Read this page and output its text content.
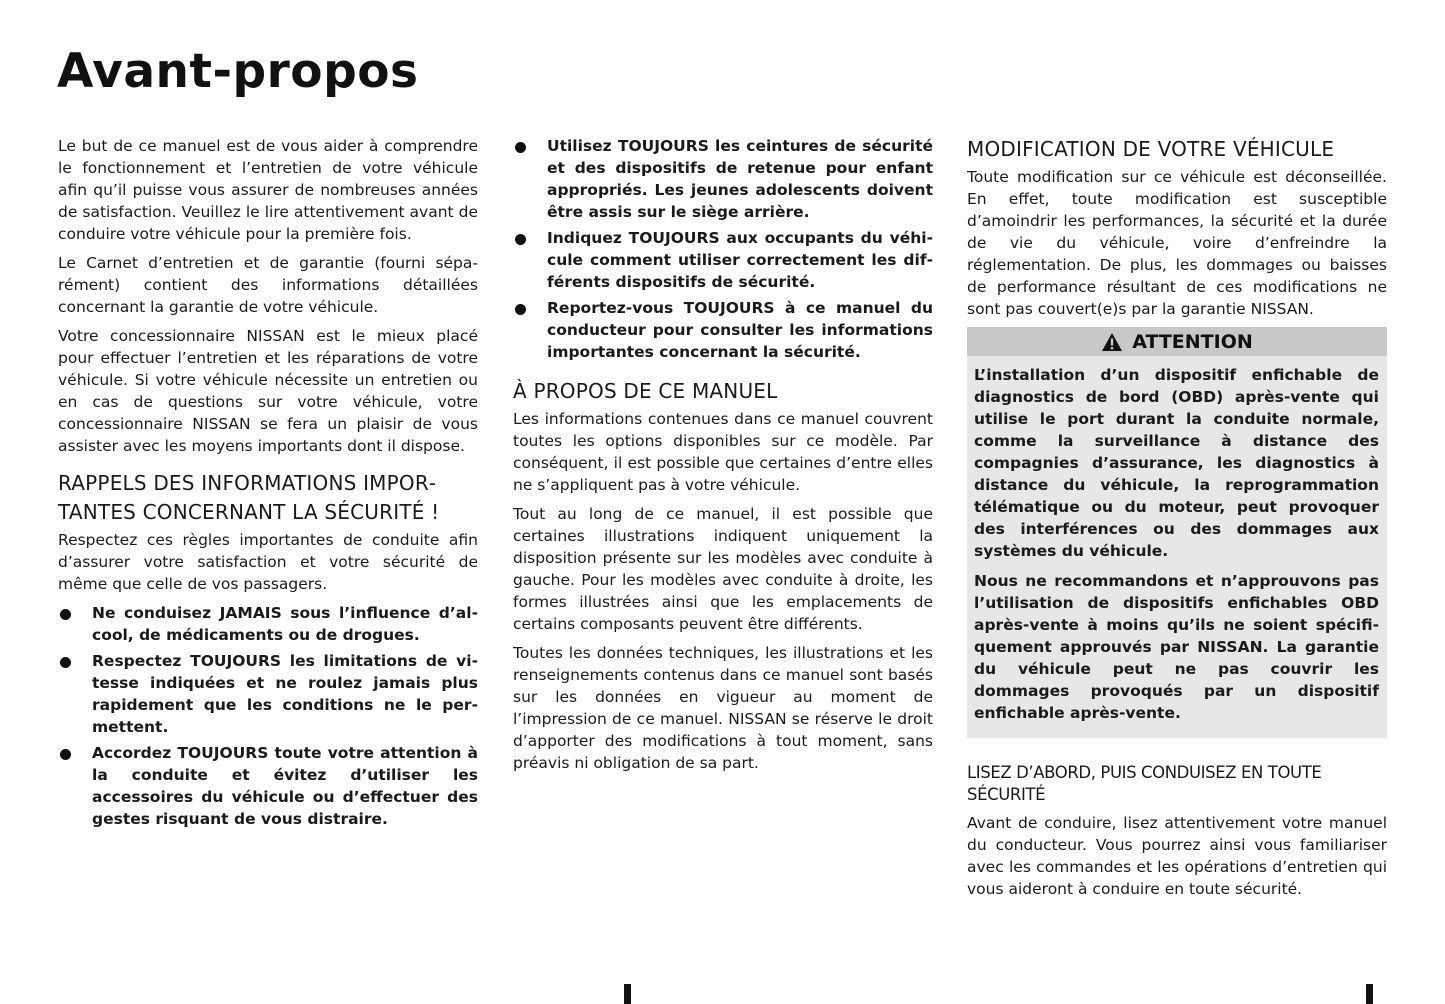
Avant-propos

Le but de ce manuel est de vous aider à comprendre le fonctionnement et l’entretien de votre véhicule afin qu’il puisse vous assurer de nombreuses années de satisfaction. Veuillez le lire attentivement avant de conduire votre véhicule pour la première fois.

Le Carnet d’entretien et de garantie (fourni séparément) contient des informations détaillées concernant la garantie de votre véhicule.

Votre concessionnaire NISSAN est le mieux placé pour effectuer l’entretien et les réparations de votre véhicule. Si votre véhicule nécessite un entretien ou en cas de questions sur votre véhicule, votre concessionnaire NISSAN se fera un plaisir de vous assister avec les moyens importants dont il dispose.

RAPPELS DES INFORMATIONS IMPORTANTES CONCERNANT LA SÉCURITÉ !

Respectez ces règles importantes de conduite afin d’assurer votre satisfaction et votre sécurité de même que celle de vos passagers.

Ne conduisez JAMAIS sous l’influence d’alcool, de médicaments ou de drogues.
Respectez TOUJOURS les limitations de vitesse indiquées et ne roulez jamais plus rapidement que les conditions ne le permettent.
Accordez TOUJOURS toute votre attention à la conduite et évitez d’utiliser les accessoires du véhicule ou d’effectuer des gestes risquant de vous distraire.
Utilisez TOUJOURS les ceintures de sécurité et des dispositifs de retenue pour enfant appropriés. Les jeunes adolescents doivent être assis sur le siège arrière.
Indiquez TOUJOURS aux occupants du véhicule comment utiliser correctement les différents dispositifs de sécurité.
Reportez-vous TOUJOURS à ce manuel du conducteur pour consulter les informations importantes concernant la sécurité.
À PROPOS DE CE MANUEL

Les informations contenues dans ce manuel couvrent toutes les options disponibles sur ce modèle. Par conséquent, il est possible que certaines d’entre elles ne s’appliquent pas à votre véhicule.

Tout au long de ce manuel, il est possible que certaines illustrations indiquent uniquement la disposition présente sur les modèles avec conduite à gauche. Pour les modèles avec conduite à droite, les formes illustrées ainsi que les emplacements de certains composants peuvent être différents.

Toutes les données techniques, les illustrations et les renseignements contenus dans ce manuel sont basés sur les données en vigueur au moment de l’impression de ce manuel. NISSAN se réserve le droit d’apporter des modifications à tout moment, sans préavis ni obligation de sa part.

MODIFICATION DE VOTRE VÉHICULE

Toute modification sur ce véhicule est déconseillée. En effet, toute modification est susceptible d’amoindrir les performances, la sécurité et la durée de vie du véhicule, voire d’enfreindre la réglementation. De plus, les dommages ou baisses de performance résultant de ces modifications ne sont pas couvert(e)s par la garantie NISSAN.

ATTENTION

L’installation d’un dispositif enfichable de diagnostics de bord (OBD) après-vente qui utilise le port durant la conduite normale, comme la surveillance à distance des compagnies d’assurance, les diagnostics à distance du véhicule, la reprogrammation télématique ou du moteur, peut provoquer des interférences ou des dommages aux systèmes du véhicule.

Nous ne recommandons et n’approuvons pas l’utilisation de dispositifs enfichables OBD après-vente à moins qu’ils ne soient spécifiquement approuvés par NISSAN. La garantie du véhicule peut ne pas couvrir les dommages provoqués par un dispositif enfichable après-vente.

LISEZ D’ABORD, PUIS CONDUISEZ EN TOUTE SÉCURITÉ

Avant de conduire, lisez attentivement votre manuel du conducteur. Vous pourrez ainsi vous familiariser avec les commandes et les opérations d’entretien qui vous aideront à conduire en toute sécurité.
